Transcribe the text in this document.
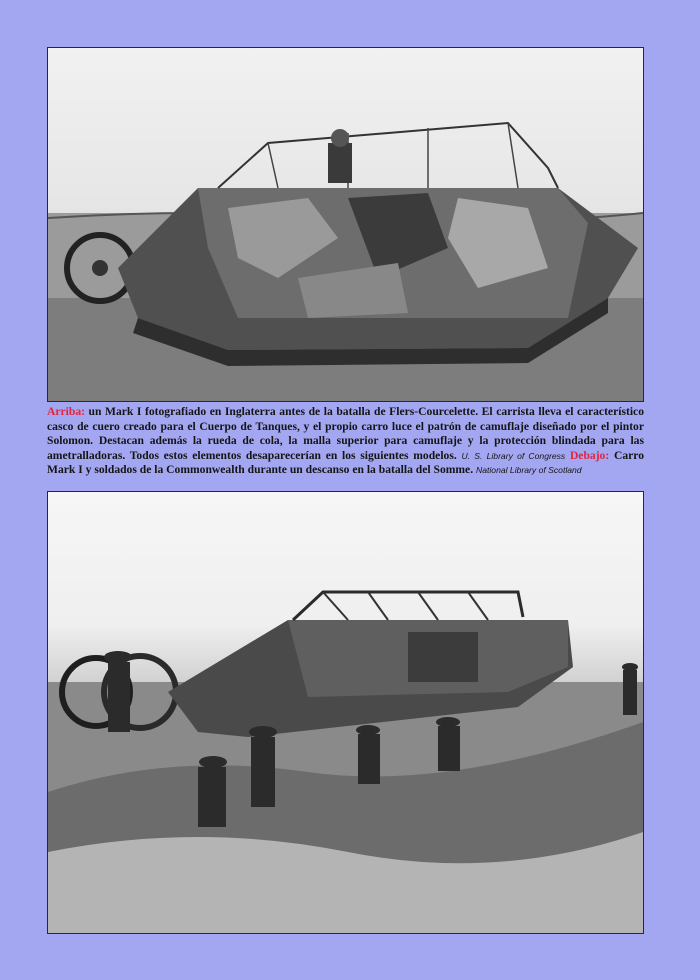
Arriba: un Mark I fotografiado en Inglaterra antes de la batalla de Flers-Courcelette. El carrista lleva el característico casco de cuero creado para el Cuerpo de Tanques, y el propio carro luce el patrón de camuflaje diseñado por el pintor Solomon. Destacan además la rueda de cola, la malla superior para camuflaje y la protección blindada para las ametralladoras. Todos estos elementos desaparecerían en los siguientes modelos. U. S. Library of Congress Debajo: Carro Mark I y soldados de la Commonwealth durante un descanso en la batalla del Somme. National Library of Scotland
